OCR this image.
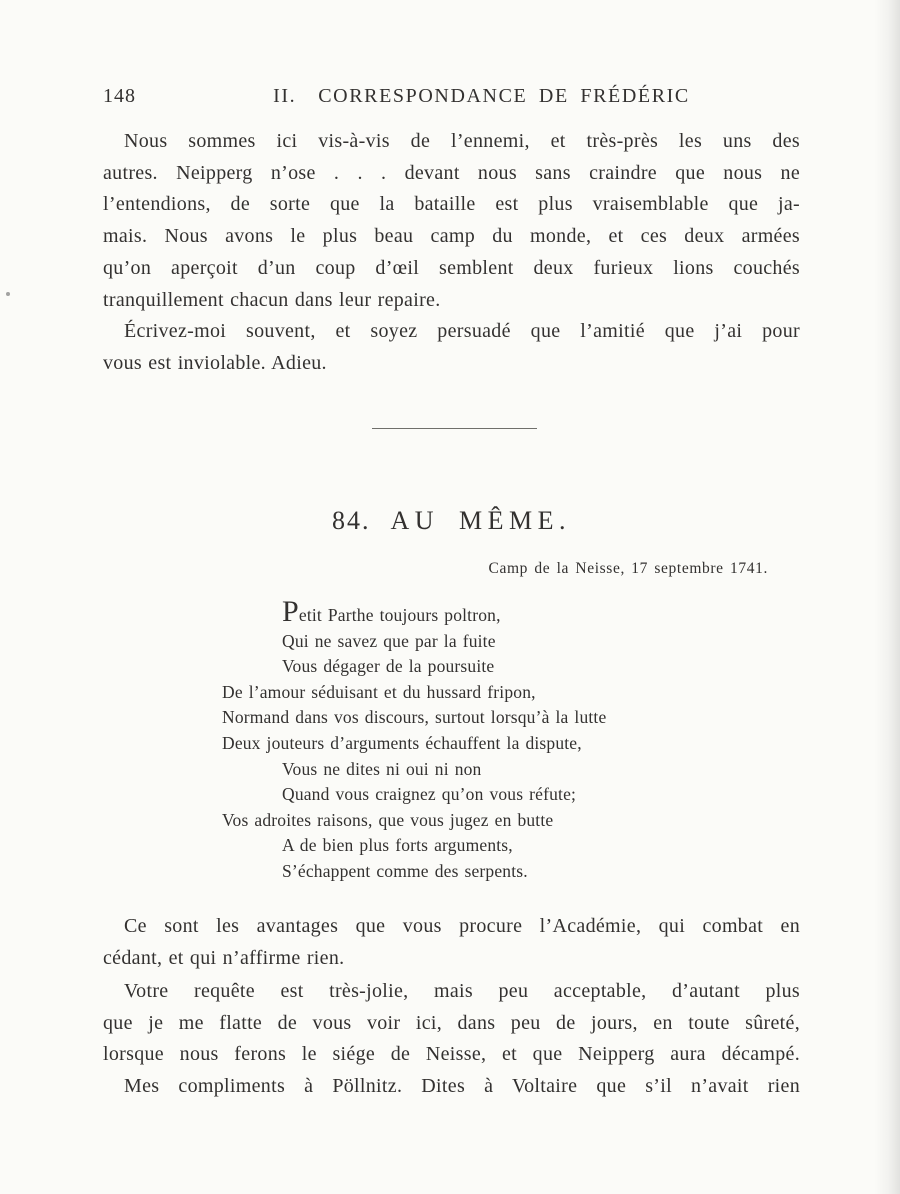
148	II. CORRESPONDANCE DE FRÉDÉRIC
Nous sommes ici vis-à-vis de l’ennemi, et très-près les uns des
autres. Neipperg n’ose . . . devant nous sans craindre que nous ne
l’entendions, de sorte que la bataille est plus vraisemblable que ja-
mais. Nous avons le plus beau camp du monde, et ces deux armées
qu’on aperçoit d’un coup d’œil semblent deux furieux lions couchés
tranquillement chacun dans leur repaire.
Écrivez-moi souvent, et soyez persuadé que l’amitié que j’ai pour
vous est inviolable. Adieu.
84. AU MÊME.
Camp de la Neisse, 17 septembre 1741.
Petit Parthe toujours poltron,
Qui ne savez que par la fuite
Vous dégager de la poursuite
De l’amour séduisant et du hussard fripon,
Normand dans vos discours, surtout lorsqu’à la lutte
Deux jouteurs d’arguments échauffent la dispute,
Vous ne dites ni oui ni non
Quand vous craignez qu’on vous réfute;
Vos adroites raisons, que vous jugez en butte
A de bien plus forts arguments,
S’échappent comme des serpents.
Ce sont les avantages que vous procure l’Académie, qui combat en
cédant, et qui n’affirme rien.
Votre requête est très-jolie, mais peu acceptable, d’autant plus
que je me flatte de vous voir ici, dans peu de jours, en toute sûreté,
lorsque nous ferons le siége de Neisse, et que Neipperg aura décampé.
Mes compliments à Pöllnitz. Dites à Voltaire que s’il n’avait rien
